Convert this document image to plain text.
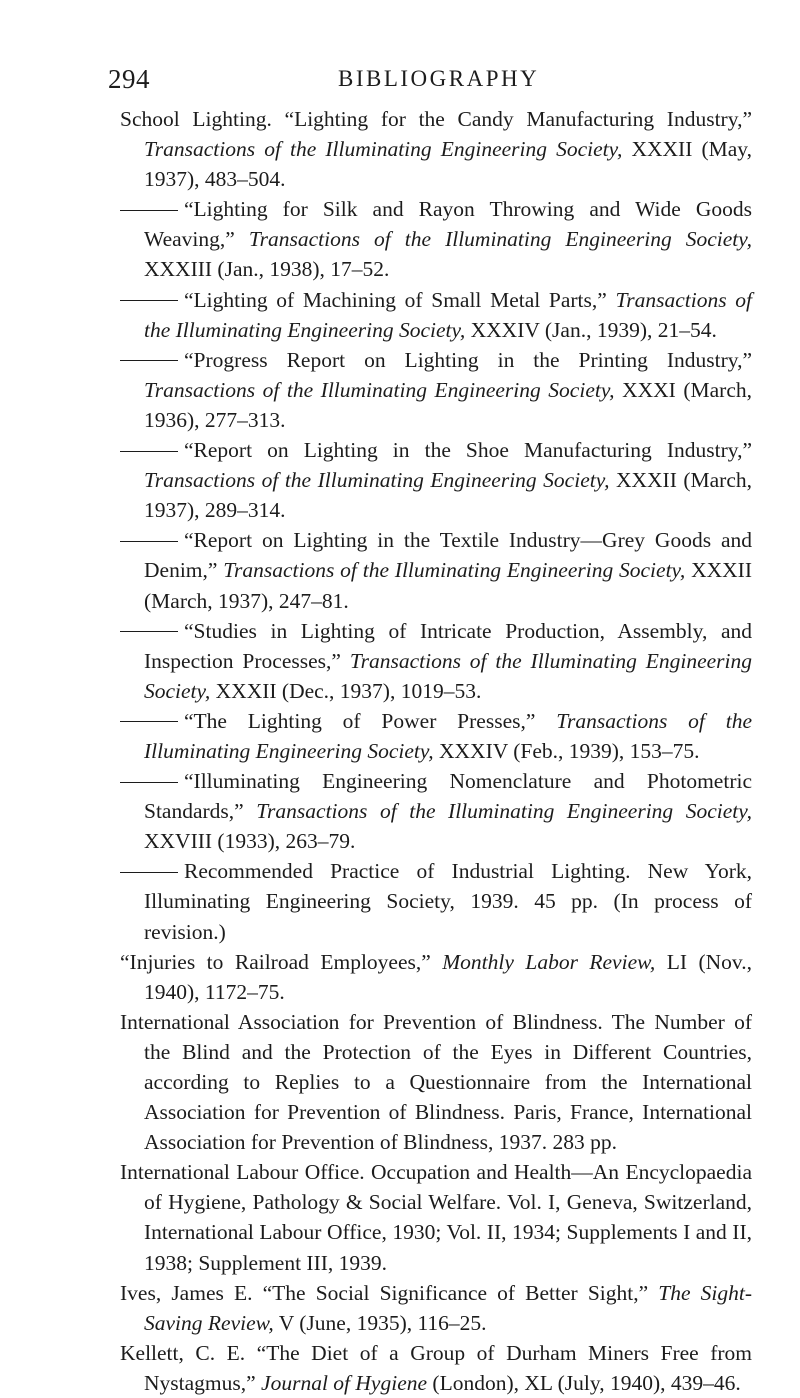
294	BIBLIOGRAPHY

School Lighting. “Lighting for the Candy Manufacturing Industry,” Transactions of the Illuminating Engineering Society, XXXII (May, 1937), 483–504.

“Lighting for Silk and Rayon Throwing and Wide Goods Weaving,” Transactions of the Illuminating Engineering Society, XXXIII (Jan., 1938), 17–52.

“Lighting of Machining of Small Metal Parts,” Transactions of the Illuminating Engineering Society, XXXIV (Jan., 1939), 21–54.

“Progress Report on Lighting in the Printing Industry,” Transactions of the Illuminating Engineering Society, XXXI (March, 1936), 277–313.

“Report on Lighting in the Shoe Manufacturing Industry,” Transactions of the Illuminating Engineering Society, XXXII (March, 1937), 289–314.

“Report on Lighting in the Textile Industry—Grey Goods and Denim,” Transactions of the Illuminating Engineering Society, XXXII (March, 1937), 247–81.

“Studies in Lighting of Intricate Production, Assembly, and Inspection Processes,” Transactions of the Illuminating Engineering Society, XXXII (Dec., 1937), 1019–53.

“The Lighting of Power Presses,” Transactions of the Illuminating Engineering Society, XXXIV (Feb., 1939), 153–75.

“Illuminating Engineering Nomenclature and Photometric Standards,” Transactions of the Illuminating Engineering Society, XXVIII (1933), 263–79.

Recommended Practice of Industrial Lighting. New York, Illuminating Engineering Society, 1939. 45 pp. (In process of revision.)

“Injuries to Railroad Employees,” Monthly Labor Review, LI (Nov., 1940), 1172–75.

International Association for Prevention of Blindness. The Number of the Blind and the Protection of the Eyes in Different Countries, according to Replies to a Questionnaire from the International Association for Prevention of Blindness. Paris, France, International Association for Prevention of Blindness, 1937. 283 pp.

International Labour Office. Occupation and Health—An Encyclopaedia of Hygiene, Pathology & Social Welfare. Vol. I, Geneva, Switzerland, International Labour Office, 1930; Vol. II, 1934; Supplements I and II, 1938; Supplement III, 1939.

Ives, James E. “The Social Significance of Better Sight,” The Sight-Saving Review, V (June, 1935), 116–25.

Kellett, C. E. “The Diet of a Group of Durham Miners Free from Nystagmus,” Journal of Hygiene (London), XL (July, 1940), 439–46.
